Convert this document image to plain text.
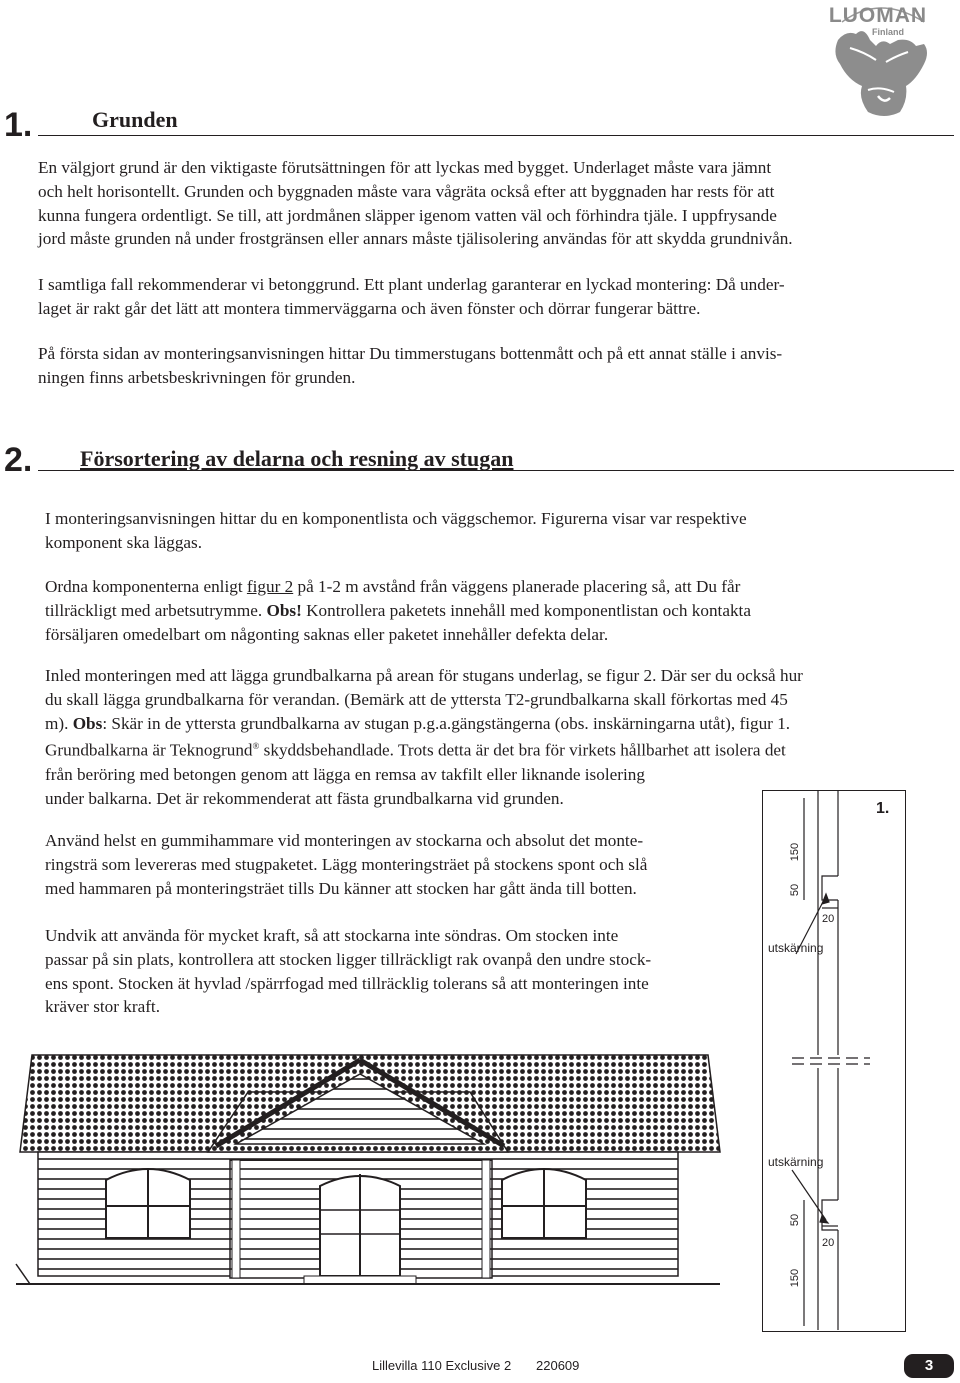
LUOMAN
Finland
1.	Grunden

En välgjort grund är den viktigaste förutsättningen för att lyckas med bygget. Underlaget måste vara jämnt

och helt horisontellt. Grunden och byggnaden måste vara vågräta också efter att byggnaden har rests för att

kunna fungera ordentligt. Se till, att jordmånen släpper igenom vatten väl och förhindra tjäle. I uppfrysande

jord måste grunden nå under frostgränsen eller annars måste tjälisolering användas för att skydda grundnivån.

I samtliga fall rekommenderar vi betonggrund. Ett plant underlag garanterar en lyckad montering: Då under-

laget är rakt går det lätt att montera timmerväggarna och även fönster och dörrar fungerar bättre.

På första sidan av monteringsanvisningen hittar Du timmerstugans bottenmått och på ett annat ställe i anvis-

ningen finns arbetsbeskrivningen för grunden.

2. Försortering av delarna och resning av stugan

I monteringsanvisningen hittar du en komponentlista och väggschemor. Figurerna visar var respektive

komponent ska läggas.

Ordna komponenterna enligt figur 2 på 1-2 m avstånd från väggens planerade placering så, att Du får

tillräckligt med arbetsutrymme. Obs! Kontrollera paketets innehåll med komponentlistan och kontakta

försäljaren omedelbart om någonting saknas eller paketet innehåller defekta delar.

Inled monteringen med att lägga grundbalkarna på arean för stugans underlag, se figur 2. Där ser du också hur

du skall lägga grundbalkarna för verandan. (Bemärk att de yttersta T2-grundbalkarna skall förkortas med 45

m). Obs: Skär in de yttersta grundbalkarna av stugan p.g.a.gängstängerna (obs. inskärningarna utåt), figur 1.

Grundbalkarna är Teknogrund® skyddsbehandlade. Trots detta är det bra för virkets hållbarhet att isolera det

från beröring med betongen genom att lägga en remsa av takfilt eller liknande isolering

under balkarna. Det är rekommenderat att fästa grundbalkarna vid grunden.

Använd helst en gummihammare vid monteringen av stockarna och absolut det monte-

ringsträ som levereras med stugpaketet. Lägg monteringsträet på stockens spont och slå

med hammaren på monteringsträet tills Du känner att stocken har gått ända till botten.

Undvik att använda för mycket kraft, så att stockarna inte söndras. Om stocken inte

passar på sin plats, kontrollera att stocken ligger tillräckligt rak ovanpå den undre stock-

ens spont. Stocken ät hyvlad /spärrfogad med tillräcklig tolerans så att monteringen inte

kräver stor kraft.

1.
150
50
20
utskärning
utskärning
50
20
150
Lillevilla 110 Exclusive 2 220609	3
